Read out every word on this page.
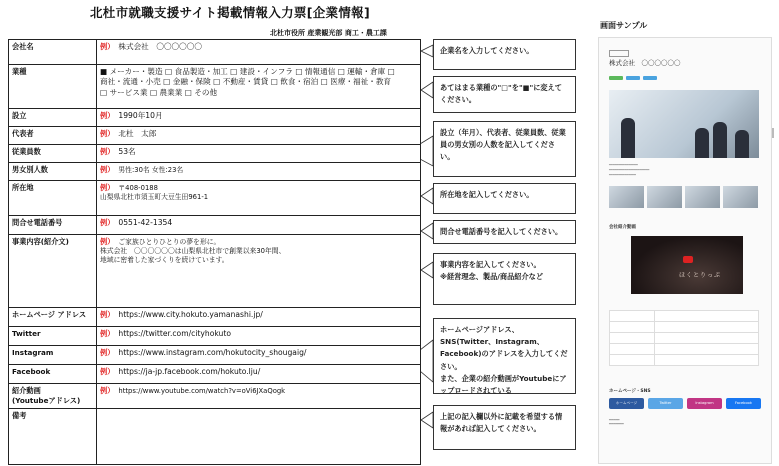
北杜市就職支援サイト掲載情報入力票[企業情報]
北杜市役所 産業観光部 商工・農工課
会社名	例） 株式会社　〇〇〇〇〇〇
業種	■ メーカー・製造 □ 食品製造・加工 □ 建設・インフラ □ 情報通信 □ 運輸・倉庫 □
商社・流通・小売 □ 金融・保険 □ 不動産・賃貸 □ 飲食・宿泊 □ 医療・福祉・教育
□ サービス業 □ 農業業 □ その他

設立	例） 1990年10月
代表者	例） 北杜　太郎
従業員数	例） 53名
男女別人数	例） 男性:30名 女性:23名
所在地	例） 〒408-0188
山梨県北杜市須玉町大豆生田961-1

問合せ電話番号	例） 0551-42-1354
事業内容(紹介文)	例） ご家族ひとりひとりの夢を形に。
株式会社　〇〇〇〇〇〇は山梨県北杜市で創業以来30年間、
地域に密着した家づくりを続けています。

ホームページ アドレス	例） https://www.city.hokuto.yamanashi.jp/
Twitter	例） https://twitter.com/cityhokuto
Instagram	例） https://www.instagram.com/hokutocity_shougaig/
Facebook	例） https://ja-jp.facebook.com/hokuto.lju/

紹介動画
(Youtubeアドレス)	例） https://www.youtube.com/watch?v=oVi6JXaQogk
備考	
企業名を入力してください。
あてはまる業種の"□"を"■"に変えてください。
設立（年月）、代表者、従業員数、従業員の男女別の人数を記入してください。
所在地を記入してください。
問合せ電話番号を記入してください。
事業内容を記入してください。
※経営理念、製品/商品紹介など
ホームページアドレス、SNS(Twitter、Instagram、Facebook)のアドレスを入力してください。
また、企業の紹介動画がYoutubeにアップロードされている
上記の記入欄以外に記載を希望する情報があれば記入してください。
画面サンプル
株式会社　〇〇〇〇〇〇
━━━━━━━━━━━━━━━
━━━━━━━━━━━━━━━━━━━━━
━━━━━━━━━━━━━━
会社紹介動画
ほくとりっぷ

ホームページ・SNS
ホームページ	Twitter	Instagram	Facebook
━━━━━
━━━━━━━
